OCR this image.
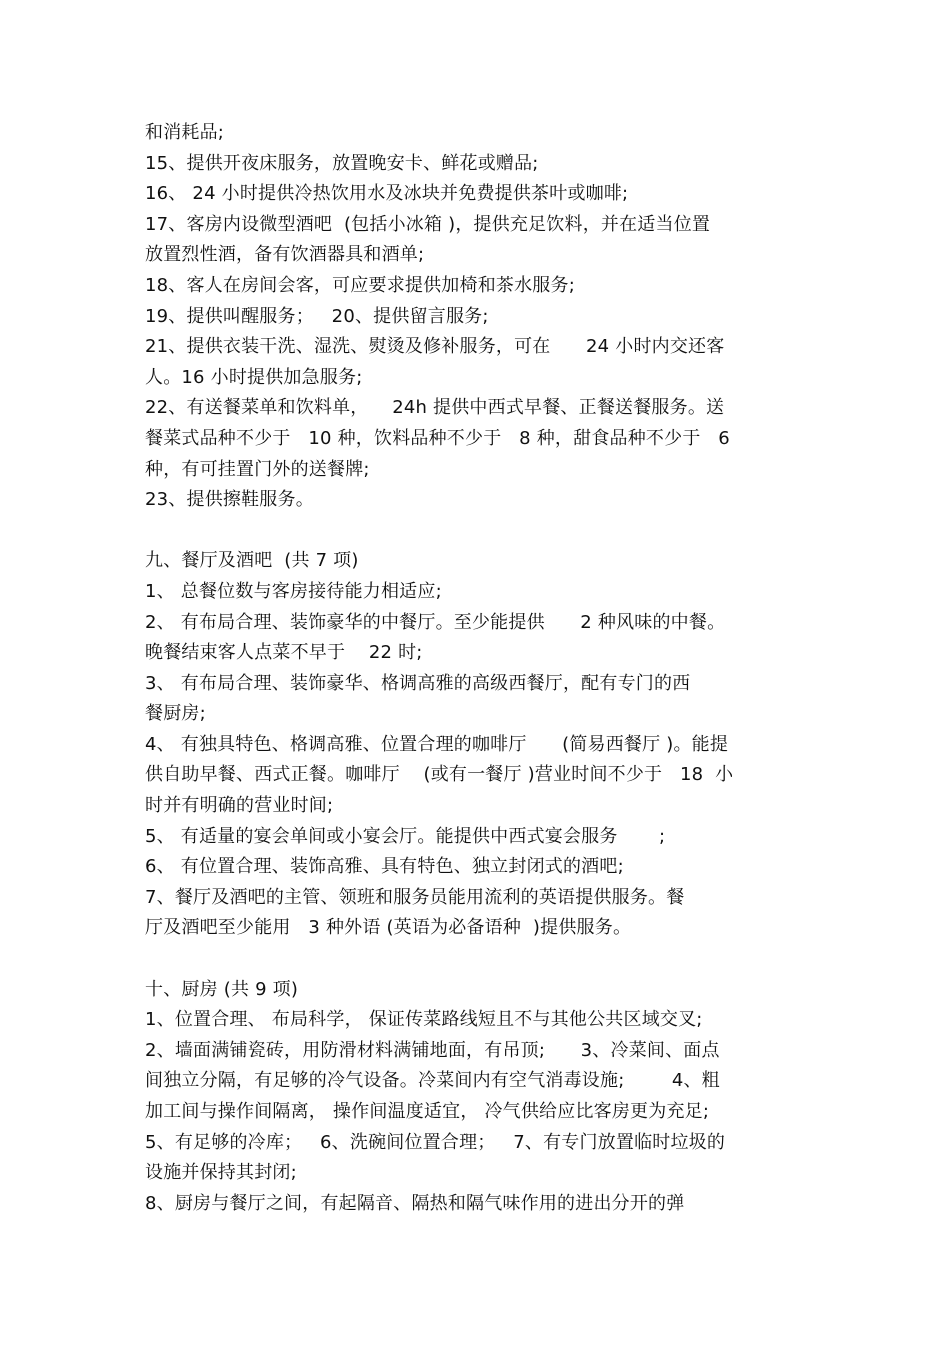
和消耗品;
15、提供开夜床服务，放置晚安卡、鲜花或赠品;
16、 24 小时提供冷热饮用水及冰块并免费提供茶叶或咖啡;
17、客房内设微型酒吧  (包括小冰箱 )，提供充足饮料，并在适当位置
放置烈性酒，备有饮酒器具和酒单;
18、客人在房间会客，可应要求提供加椅和茶水服务;
19、提供叫醒服务；   20、提供留言服务;
21、提供衣装干洗、湿洗、熨烫及修补服务，可在      24 小时内交还客
人。16 小时提供加急服务;
22、有送餐菜单和饮料单，    24h 提供中西式早餐、正餐送餐服务。送
餐菜式品种不少于   10 种，饮料品种不少于   8 种，甜食品种不少于   6
种，有可挂置门外的送餐牌;
23、提供擦鞋服务。
九、餐厅及酒吧  (共 7 项)
1、 总餐位数与客房接待能力相适应;
2、 有布局合理、装饰豪华的中餐厅。至少能提供      2 种风味的中餐。
晚餐结束客人点菜不早于    22 时;
3、 有布局合理、装饰豪华、格调高雅的高级西餐厅，配有专门的西
餐厨房;
4、 有独具特色、格调高雅、位置合理的咖啡厅      (简易西餐厅 )。能提
供自助早餐、西式正餐。咖啡厅    (或有一餐厅 )营业时间不少于   18  小
时并有明确的营业时间;
5、 有适量的宴会单间或小宴会厅。能提供中西式宴会服务       ;
6、 有位置合理、装饰高雅、具有特色、独立封闭式的酒吧;
7、餐厅及酒吧的主管、领班和服务员能用流利的英语提供服务。餐
厅及酒吧至少能用   3 种外语 (英语为必备语种  )提供服务。
十、厨房 (共 9 项)
1、位置合理、 布局科学， 保证传菜路线短且不与其他公共区域交叉;
2、墙面满铺瓷砖，用防滑材料满铺地面，有吊顶;      3、冷菜间、面点
间独立分隔，有足够的冷气设备。冷菜间内有空气消毒设施;        4、粗
加工间与操作间隔离， 操作间温度适宜， 冷气供给应比客房更为充足;
5、有足够的冷库；   6、洗碗间位置合理；   7、有专门放置临时垃圾的
设施并保持其封闭;
8、厨房与餐厅之间，有起隔音、隔热和隔气味作用的进出分开的弹
